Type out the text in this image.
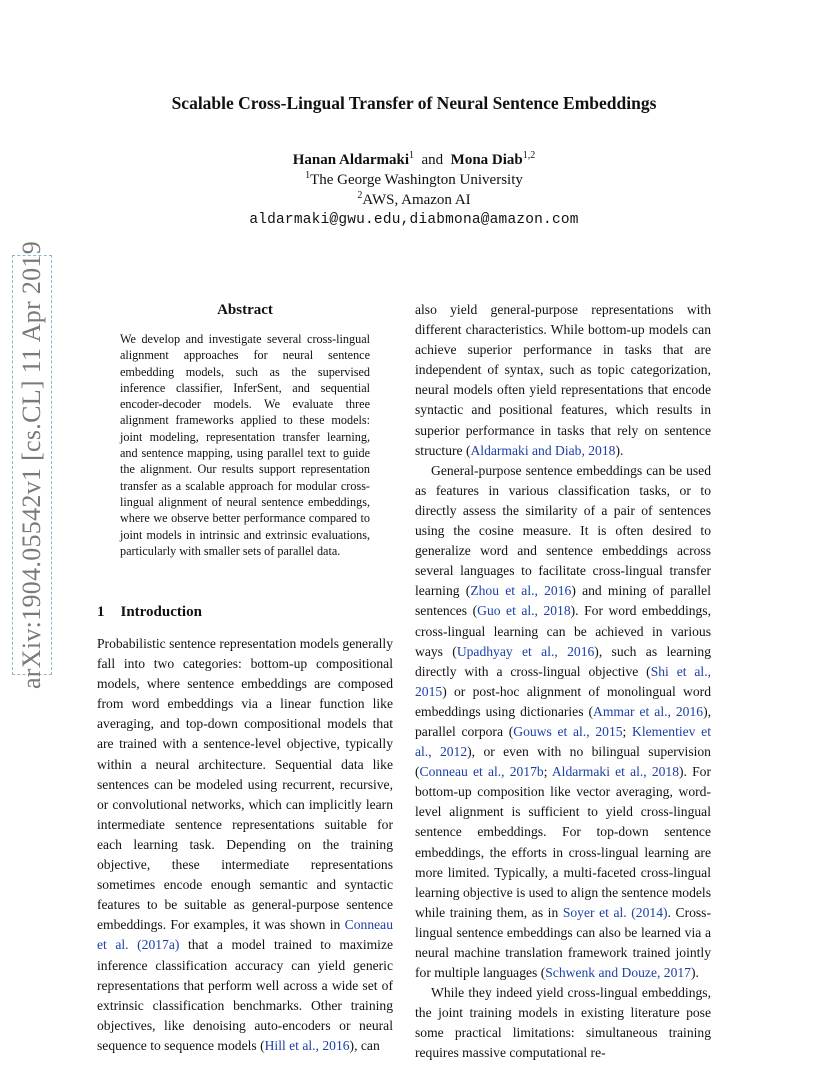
Scalable Cross-Lingual Transfer of Neural Sentence Embeddings
Hanan Aldarmaki$^1$ and Mona Diab$^{1,2}$
$^1$The George Washington University
$^2$AWS, Amazon AI
aldarmaki@gwu.edu,diabmona@amazon.com
arXiv:1904.05542v1 [cs.CL] 11 Apr 2019	Abstract
We develop and investigate several cross-lingual alignment approaches for neural sentence embedding models, such as the supervised inference classifier, InferSent, and sequential encoder-decoder models. We evaluate three alignment frameworks applied to these models: joint modeling, representation transfer learning, and sentence mapping, using parallel text to guide the alignment. Our results support representation transfer as a scalable approach for modular cross-lingual alignment of neural sentence embeddings, where we observe better performance compared to joint models in intrinsic and extrinsic evaluations, particularly with smaller sets of parallel data.
1 Introduction

Probabilistic sentence representation models generally fall into two categories: bottom-up compositional models, where sentence embeddings are composed from word embeddings via a linear function like averaging, and top-down compositional models that are trained with a sentence-level objective, typically within a neural architecture. Sequential data like sentences can be modeled using recurrent, recursive, or convolutional networks, which can implicitly learn intermediate sentence representations suitable for each learning task. Depending on the training objective, these intermediate representations sometimes encode enough semantic and syntactic features to be suitable as general-purpose sentence embeddings. For examples, it was shown in Conneau et al. (2017a) that a model trained to maximize inference classification accuracy can yield generic representations that perform well across a wide set of extrinsic classification benchmarks. Other training objectives, like denoising auto-encoders or neural sequence to sequence models (Hill et al., 2016), can

also yield general-purpose representations with different characteristics. While bottom-up models can achieve superior performance in tasks that are independent of syntax, such as topic categorization, neural models often yield representations that encode syntactic and positional features, which results in superior performance in tasks that rely on sentence structure (Aldarmaki and Diab, 2018).

General-purpose sentence embeddings can be used as features in various classification tasks, or to directly assess the similarity of a pair of sentences using the cosine measure. It is often desired to generalize word and sentence embeddings across several languages to facilitate cross-lingual transfer learning (Zhou et al., 2016) and mining of parallel sentences (Guo et al., 2018). For word embeddings, cross-lingual learning can be achieved in various ways (Upadhyay et al., 2016), such as learning directly with a cross-lingual objective (Shi et al., 2015) or post-hoc alignment of monolingual word embeddings using dictionaries (Ammar et al., 2016), parallel corpora (Gouws et al., 2015; Klementiev et al., 2012), or even with no bilingual supervision (Conneau et al., 2017b; Aldarmaki et al., 2018). For bottom-up composition like vector averaging, word-level alignment is sufficient to yield cross-lingual sentence embeddings. For top-down sentence embeddings, the efforts in cross-lingual learning are more limited. Typically, a multi-faceted cross-lingual learning objective is used to align the sentence models while training them, as in Soyer et al. (2014). Cross-lingual sentence embeddings can also be learned via a neural machine translation framework trained jointly for multiple languages (Schwenk and Douze, 2017).

While they indeed yield cross-lingual embeddings, the joint training models in existing literature pose some practical limitations: simultaneous training requires massive computational re-
